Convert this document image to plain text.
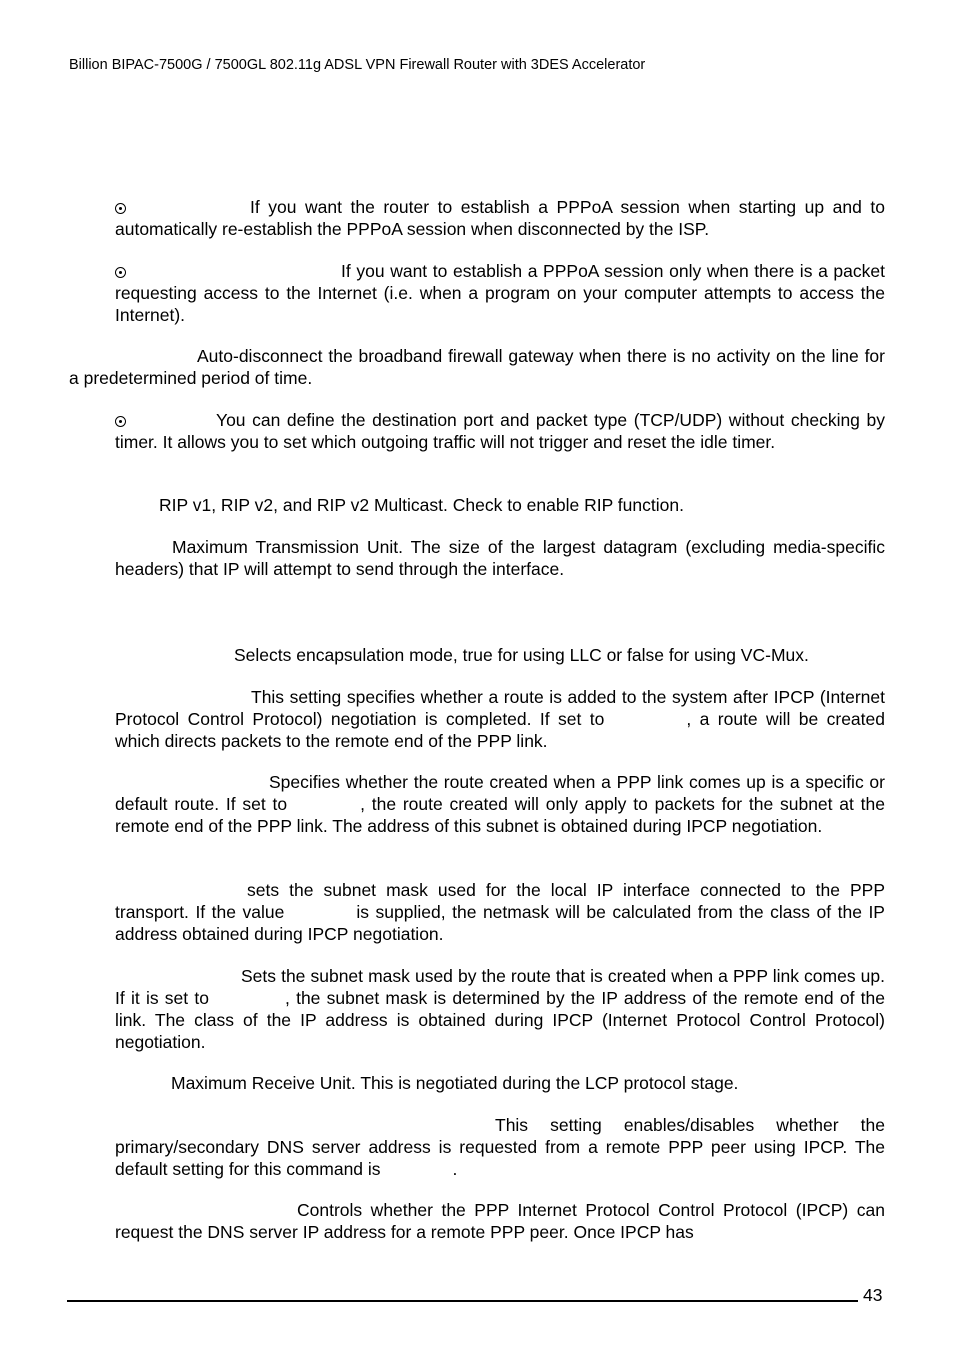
Billion BIPAC-7500G / 7500GL 802.11g ADSL VPN Firewall Router with 3DES Accelerator

If you want the router to establish a PPPoA session when starting up and to automatically re-establish the PPPoA session when disconnected by the ISP.

If you want to establish a PPPoA session only when there is a packet requesting access to the Internet (i.e. when a program on your computer attempts to access the Internet).

Auto-disconnect the broadband firewall gateway when there is no activity on the line for a predetermined period of time.

You can define the destination port and packet type (TCP/UDP) without checking by timer. It allows you to set which outgoing traffic will not trigger and reset the idle timer.

RIP v1, RIP v2, and RIP v2 Multicast. Check to enable RIP function.

Maximum Transmission Unit. The size of the largest datagram (excluding media-specific headers) that IP will attempt to send through the interface.

Selects encapsulation mode, true for using LLC or false for using VC-Mux.

This setting specifies whether a route is added to the system after IPCP (Internet Protocol Control Protocol) negotiation is completed. If set to	, a route will be created which directs packets to the remote end of the PPP link.

Specifies whether the route created when a PPP link comes up is a specific or default route. If set to	, the route created will only apply to packets for the subnet at the remote end of the PPP link. The address of this subnet is obtained during IPCP negotiation.

sets the subnet mask used for the local IP interface connected to the PPP transport. If the value	is supplied, the netmask will be calculated from the class of the IP address obtained during IPCP negotiation.

Sets the subnet mask used by the route that is created when a PPP link comes up. If it is set to	, the subnet mask is determined by the IP address of the remote end of the link. The class of the IP address is obtained during IPCP (Internet Protocol Control Protocol) negotiation.

Maximum Receive Unit. This is negotiated during the LCP protocol stage.

This setting enables/disables whether the primary/secondary DNS server address is requested from a remote PPP peer using IPCP. The default setting for this command is	.

Controls whether the PPP Internet Protocol Control Protocol (IPCP) can request the DNS server IP address for a remote PPP peer. Once IPCP has

43
